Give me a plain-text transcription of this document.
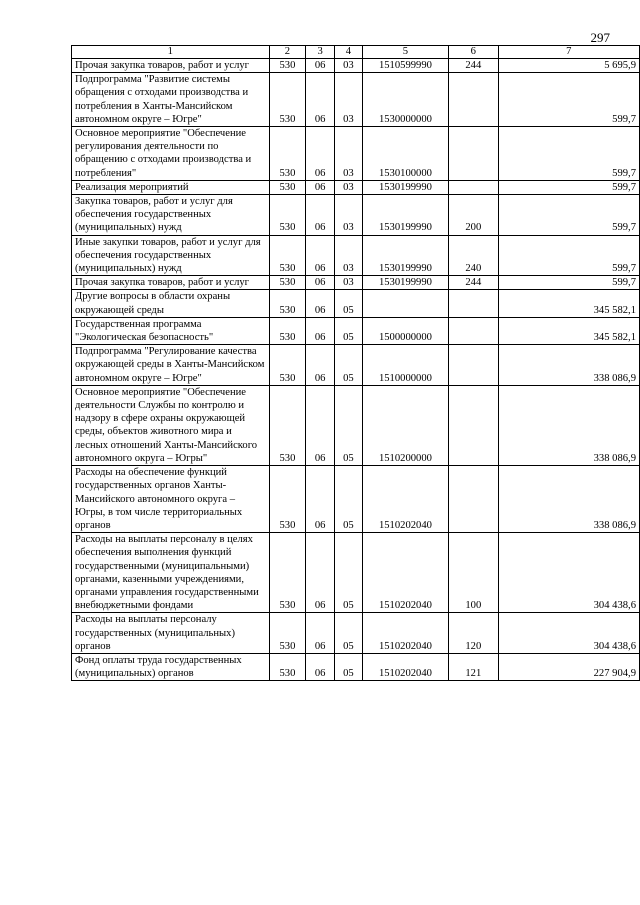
297
1	2	3	4	5	6	7
Прочая закупка товаров, работ и услуг	530	06	03	1510599990	244	5 695,9
Подпрограмма "Развитие системы обращения с отходами производства и потребления в Ханты-Мансийском автономном округе – Югре"	530	06	03	1530000000		599,7
Основное мероприятие "Обеспечение регулирования деятельности по обращению с отходами производства и потребления"	530	06	03	1530100000		599,7
Реализация мероприятий	530	06	03	1530199990		599,7
Закупка товаров, работ и услуг для обеспечения государственных (муниципальных) нужд	530	06	03	1530199990	200	599,7
Иные закупки товаров, работ и услуг для обеспечения государственных (муниципальных) нужд	530	06	03	1530199990	240	599,7
Прочая закупка товаров, работ и услуг	530	06	03	1530199990	244	599,7
Другие вопросы в области охраны окружающей среды	530	06	05			345 582,1
Государственная программа "Экологическая безопасность"	530	06	05	1500000000		345 582,1
Подпрограмма "Регулирование качества окружающей среды в Ханты-Мансийском автономном округе – Югре"	530	06	05	1510000000		338 086,9
Основное мероприятие "Обеспечение деятельности Службы по контролю и надзору в сфере охраны окружающей среды, объектов животного мира и лесных отношений Ханты-Мансийского автономного округа – Югры"	530	06	05	1510200000		338 086,9
Расходы на обеспечение функций государственных органов Ханты-Мансийского автономного округа – Югры, в том числе территориальных органов	530	06	05	1510202040		338 086,9
Расходы на выплаты персоналу в целях обеспечения выполнения функций государственными (муниципальными) органами, казенными учреждениями, органами управления государственными внебюджетными фондами	530	06	05	1510202040	100	304 438,6
Расходы на выплаты персоналу государственных (муниципальных) органов	530	06	05	1510202040	120	304 438,6
Фонд оплаты труда государственных (муниципальных) органов	530	06	05	1510202040	121	227 904,9
